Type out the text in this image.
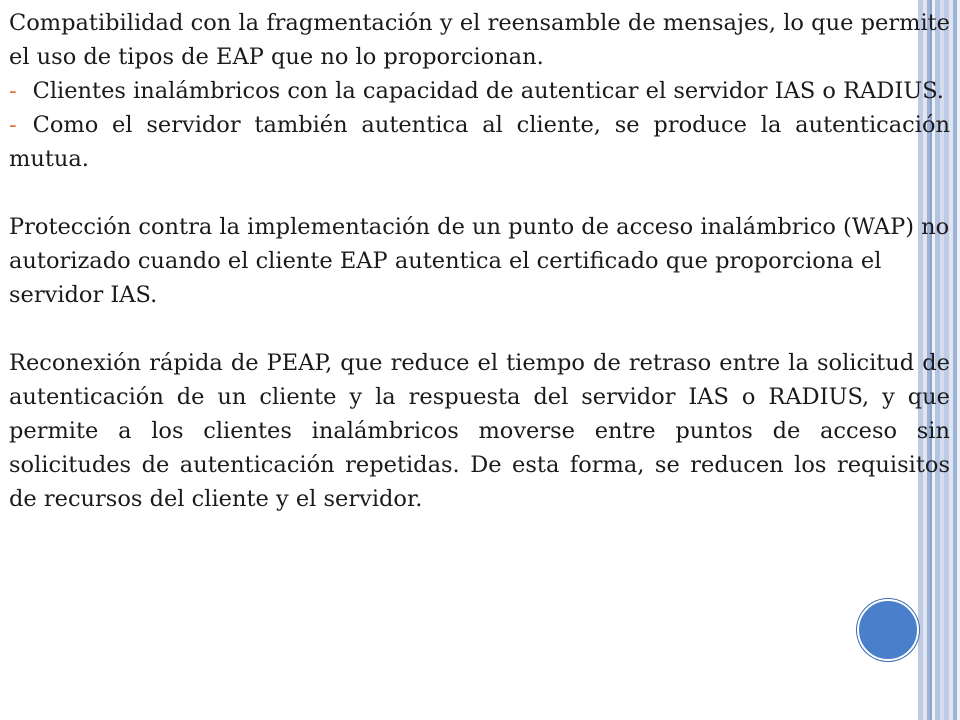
Compatibilidad con la fragmentación y el reensamble de mensajes, lo que permite el uso de tipos de EAP que no lo proporcionan.

- Clientes inalámbricos con la capacidad de autenticar el servidor IAS o RADIUS.

- Como el servidor también autentica al cliente, se produce la autenticación mutua.

Protección contra la implementación de un punto de acceso inalámbrico (WAP) no autorizado cuando el cliente EAP autentica el certificado que proporciona el servidor IAS.

Reconexión rápida de PEAP, que reduce el tiempo de retraso entre la solicitud de autenticación de un cliente y la respuesta del servidor IAS o RADIUS, y que permite a los clientes inalámbricos moverse entre puntos de acceso sin solicitudes de autenticación repetidas. De esta forma, se reducen los requisitos de recursos del cliente y el servidor.
